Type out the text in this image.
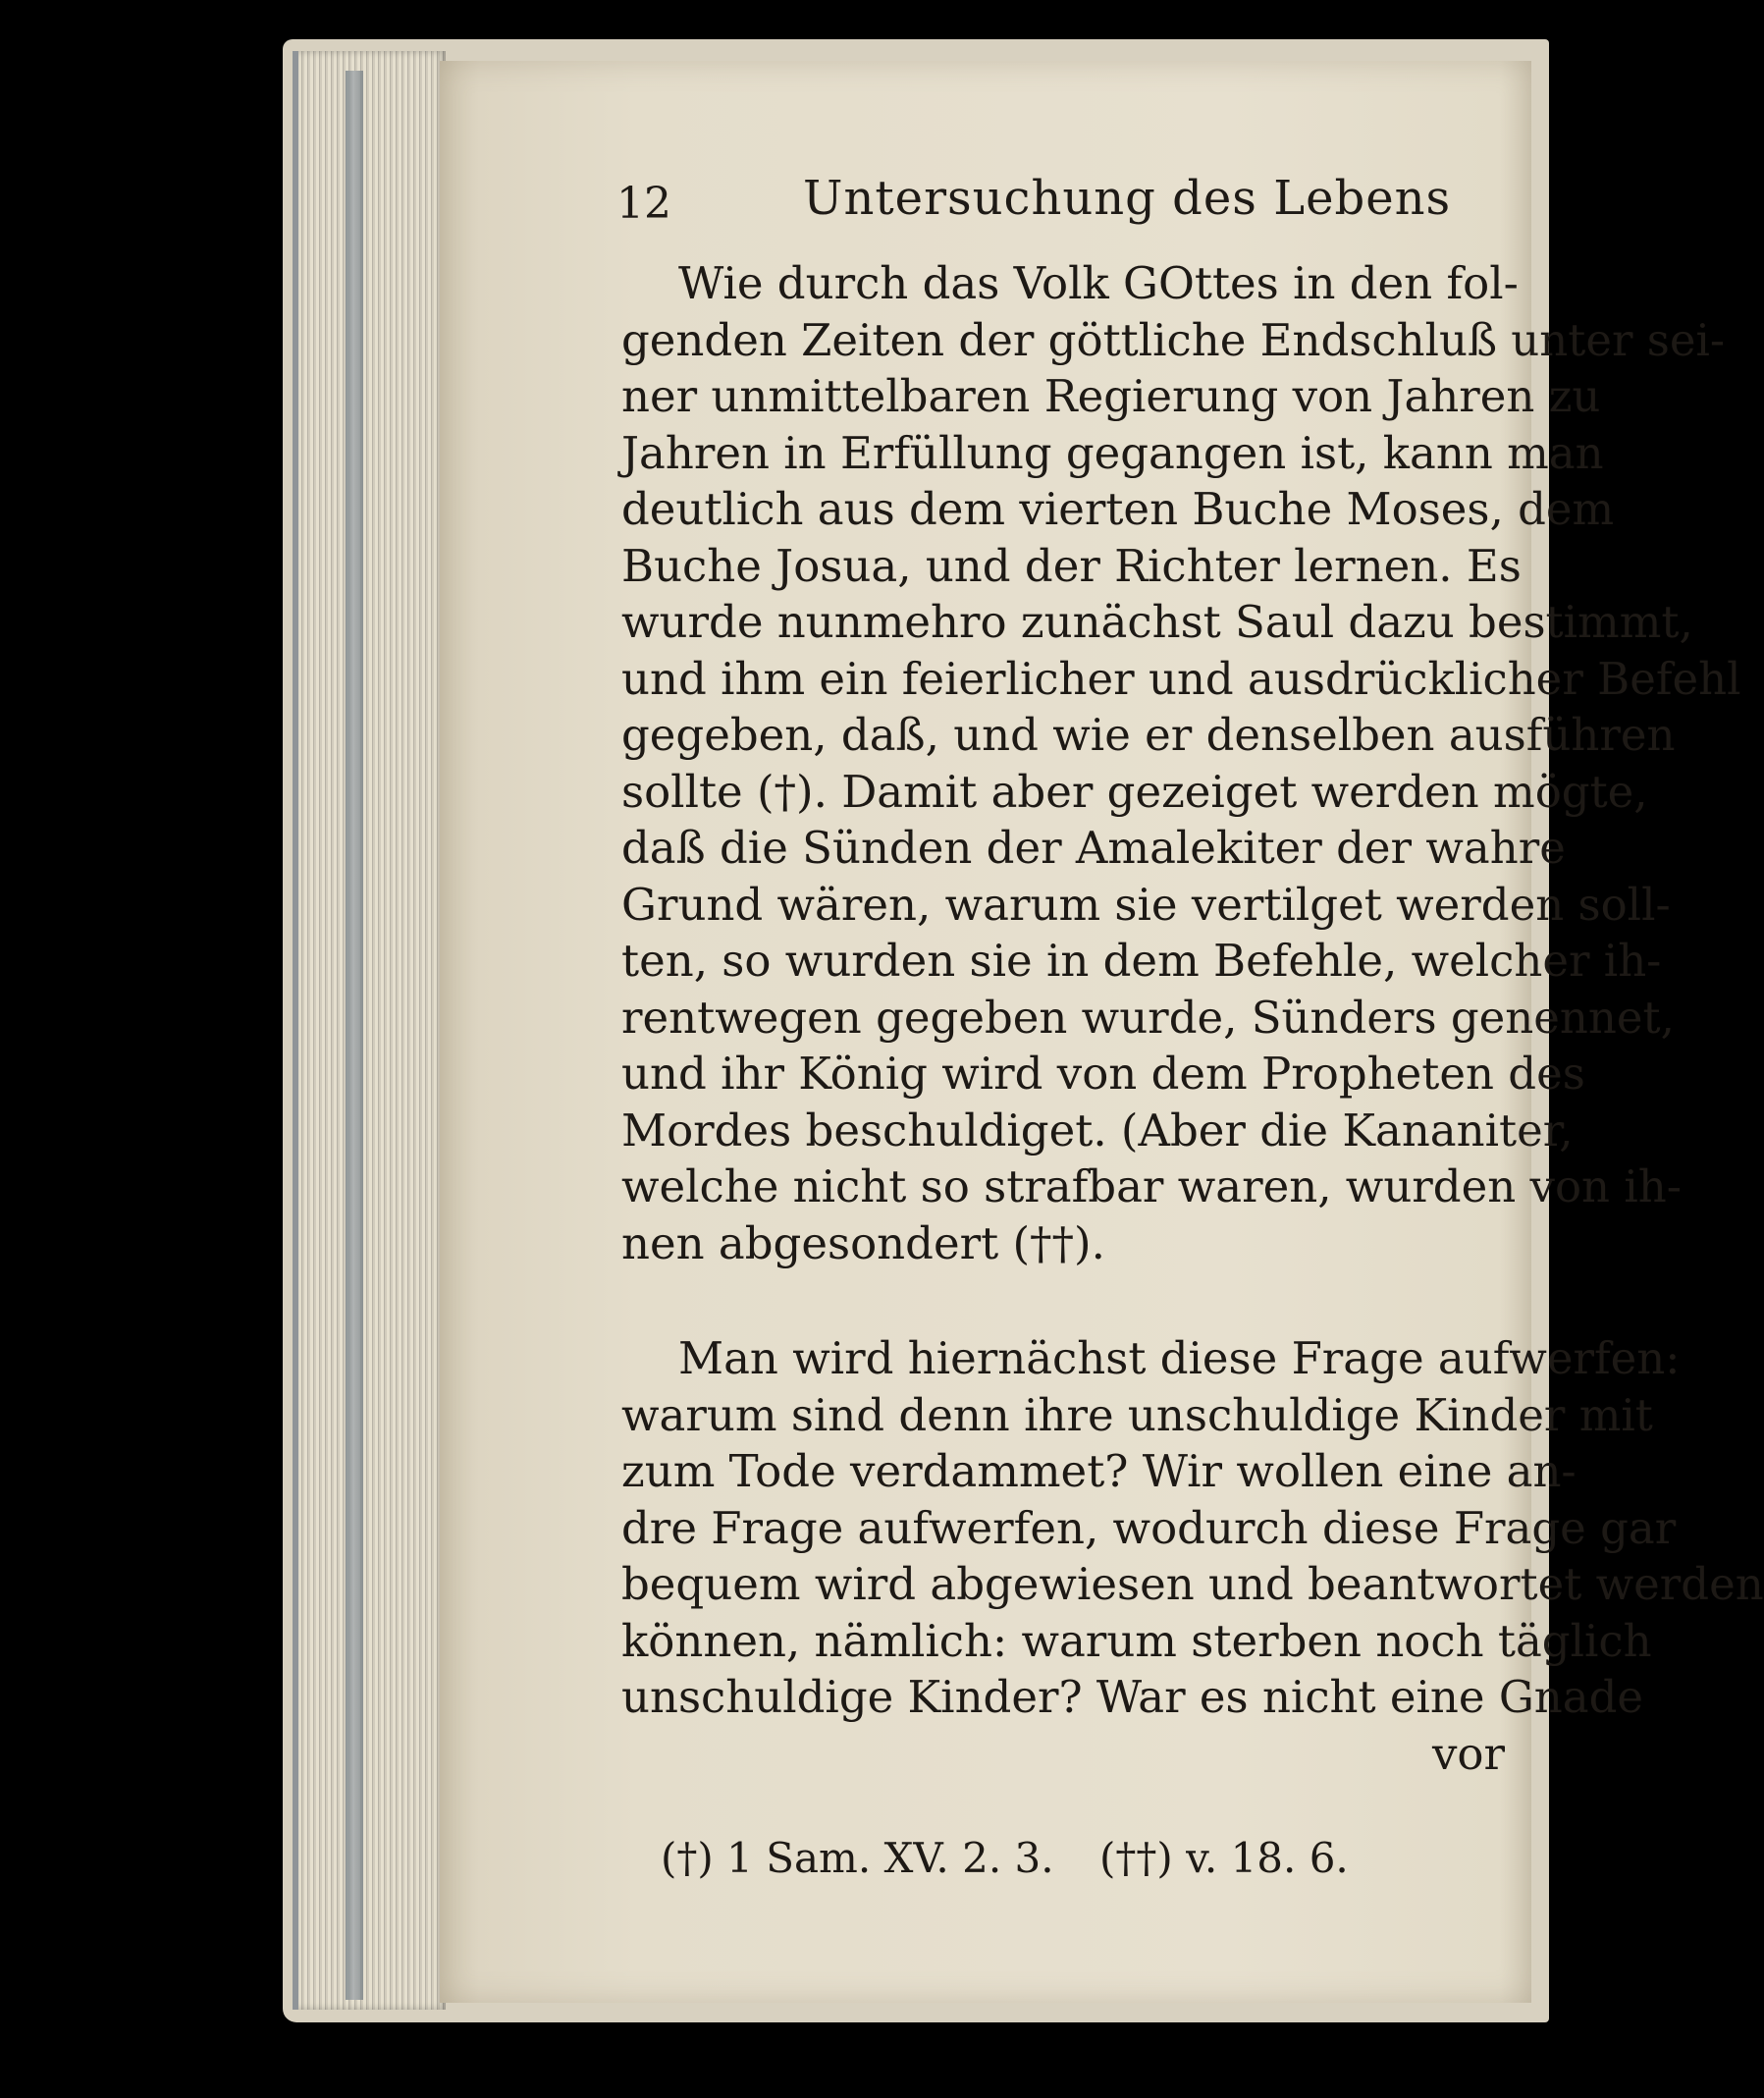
12	Untersuchung des Lebens
Wie durch das Volk GOttes in den fol-
genden Zeiten der göttliche Endschluß unter sei-
ner unmittelbaren Regierung von Jahren zu
Jahren in Erfüllung gegangen ist, kann man
deutlich aus dem vierten Buche Moses, dem
Buche Josua, und der Richter lernen. Es
wurde nunmehro zunächst Saul dazu bestimmt,
und ihm ein feierlicher und ausdrücklicher Befehl
gegeben, daß, und wie er denselben ausführen
sollte (†). Damit aber gezeiget werden mögte,
daß die Sünden der Amalekiter der wahre
Grund wären, warum sie vertilget werden soll-
ten, so wurden sie in dem Befehle, welcher ih-
rentwegen gegeben wurde, Sünders genennet,
und ihr König wird von dem Propheten des
Mordes beschuldiget. (Aber die Kananiter,
welche nicht so strafbar waren, wurden von ih-
nen abgesondert (††).
Man wird hiernächst diese Frage aufwerfen:
warum sind denn ihre unschuldige Kinder mit
zum Tode verdammet? Wir wollen eine an-
dre Frage aufwerfen, wodurch diese Frage gar
bequem wird abgewiesen und beantwortet werden
können, nämlich: warum sterben noch täglich
unschuldige Kinder? War es nicht eine Gnade
vor
(†) 1 Sam. XV. 2. 3. (††) v. 18. 6.
